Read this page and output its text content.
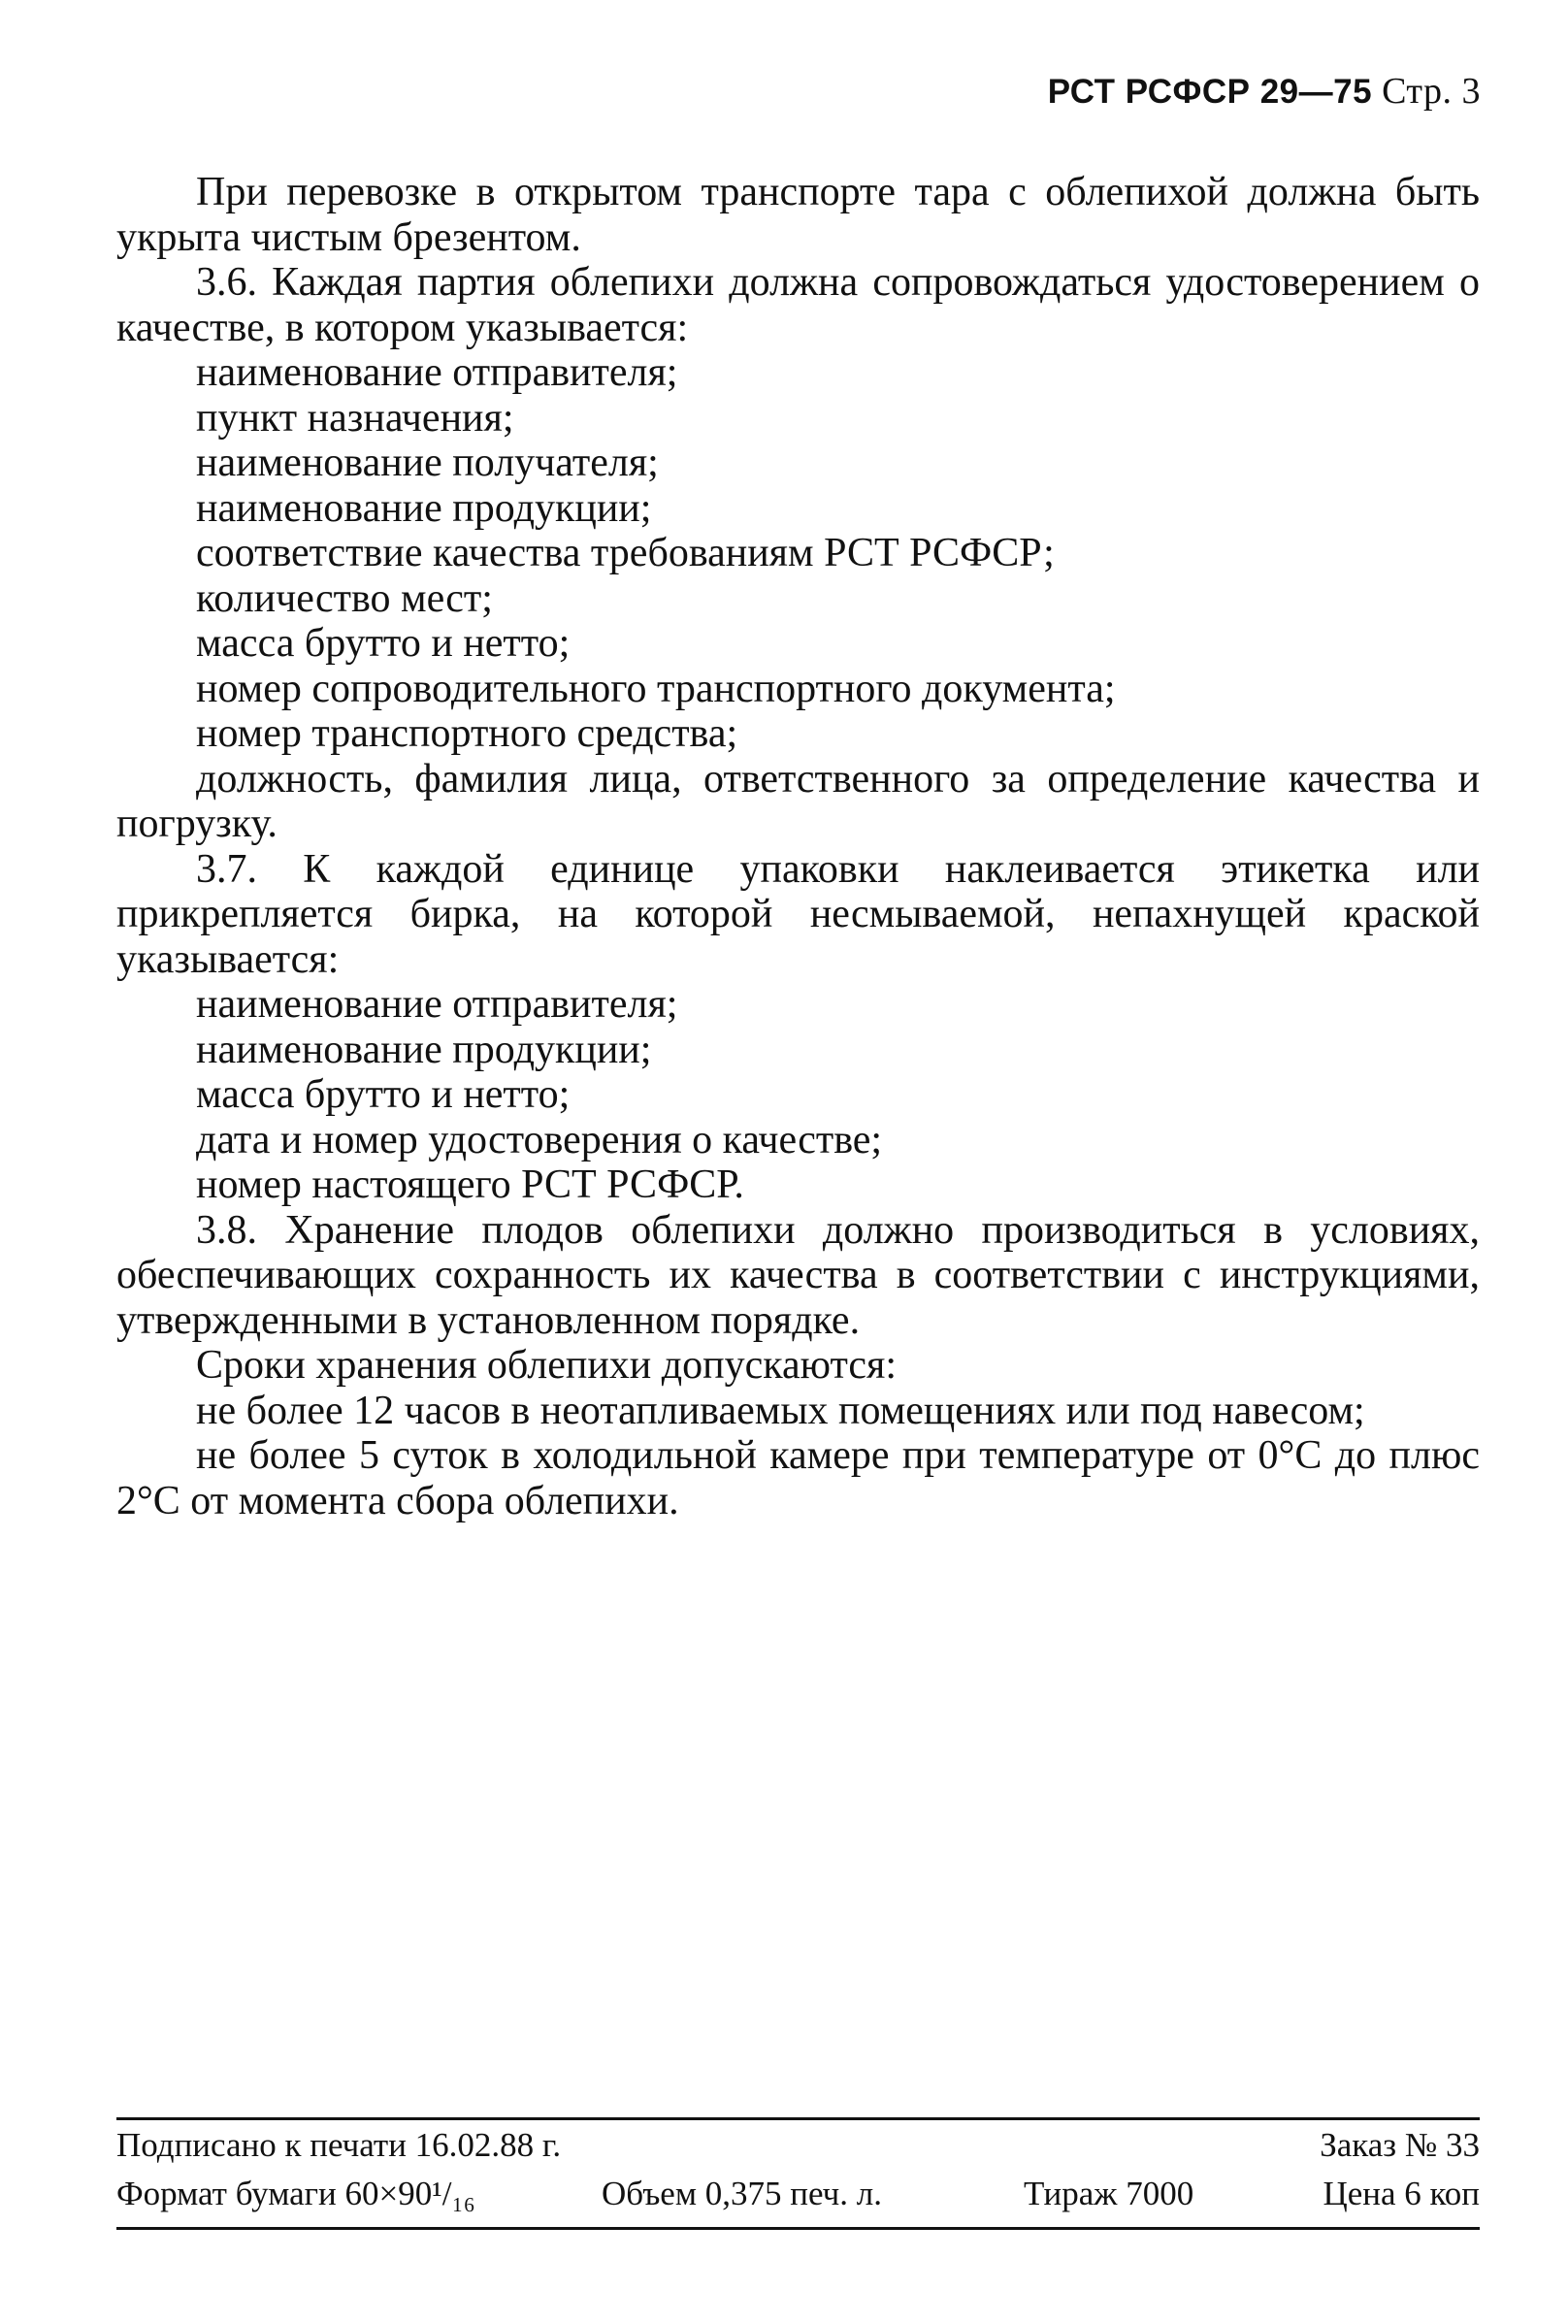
РСТ РСФСР 29—75 Стр. 3

При перевозке в открытом транспорте тара с облепихой должна быть укрыта чистым брезентом.

3.6. Каждая партия облепихи должна сопровождаться удостоверением о качестве, в котором указывается:

наименование отправителя;

пункт назначения;

наименование получателя;

наименование продукции;

соответствие качества требованиям РСТ РСФСР;

количество мест;

масса брутто и нетто;

номер сопроводительного транспортного документа;

номер транспортного средства;

должность, фамилия лица, ответственного за определение качества и погрузку.

3.7. К каждой единице упаковки наклеивается этикетка или прикрепляется бирка, на которой несмываемой, непахнущей краской указывается:

наименование отправителя;

наименование продукции;

масса брутто и нетто;

дата и номер удостоверения о качестве;

номер настоящего РСТ РСФСР.

3.8. Хранение плодов облепихи должно производиться в условиях, обеспечивающих сохранность их качества в соответствии с инструкциями, утвержденными в установленном порядке.

Сроки хранения облепихи допускаются:

не более 12 часов в неотапливаемых помещениях или под навесом;

не более 5 суток в холодильной камере при температуре от 0°С до плюс 2°С от момента сбора облепихи.

Подписано к печати 16.02.88 г.	Заказ № 33
Формат бумаги 60×90¹/₁₆	Объем 0,375 печ. л.	Тираж 7000	Цена 6 коп
